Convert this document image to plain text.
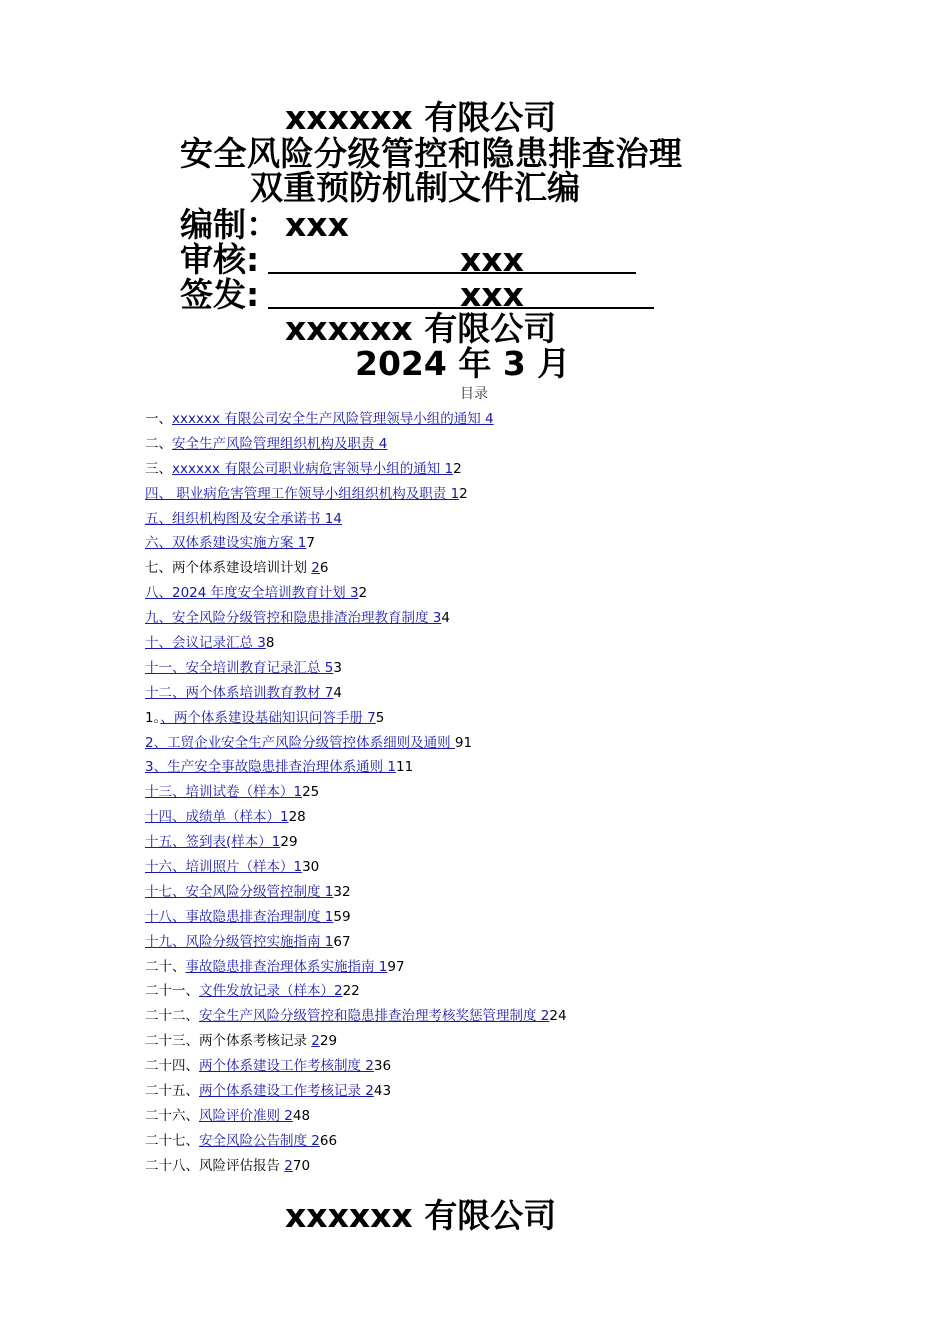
xxxxxx 有限公司
安全风险分级管控和隐患排查治理
双重预防机制文件汇编
编制： xxx
审核:	xxx
签发:	xxx
xxxxxx 有限公司
2024 年 3 月
目录
一、xxxxxx 有限公司安全生产风险管理领导小组的通知 4
二、安全生产风险管理组织机构及职责 4
三、xxxxxx 有限公司职业病危害领导小组的通知 12
四、 职业病危害管理工作领导小组组织机构及职责 12
五、组织机构图及安全承诺书 14
六、双体系建设实施方案 17
七、两个体系建设培训计划 26
八、2024 年度安全培训教育计划 32
九、安全风险分级管控和隐患排渣治理教育制度 34
十、会议记录汇总 38
十一、安全培训教育记录汇总 53
十二、两个体系培训教育教材 74
1。、两个体系建设基础知识问答手册 75
2、工贸企业安全生产风险分级管控体系细则及通则 91
3、生产安全事故隐患排查治理体系通则 111
十三、培训试卷（样本）125
十四、成绩单（样本）128
十五、签到表(样本）129
十六、培训照片（样本）130
十七、安全风险分级管控制度 132
十八、事故隐患排查治理制度 159
十九、风险分级管控实施指南 167
二十、事故隐患排查治理体系实施指南 197
二十一、文件发放记录（样本）222
二十二、安全生产风险分级管控和隐患排查治理考核奖惩管理制度 224
二十三、两个体系考核记录 229
二十四、两个体系建设工作考核制度 236
二十五、两个体系建设工作考核记录 243
二十六、风险评价准则 248
二十七、安全风险公告制度 266
二十八、风险评估报告 270
xxxxxx 有限公司
